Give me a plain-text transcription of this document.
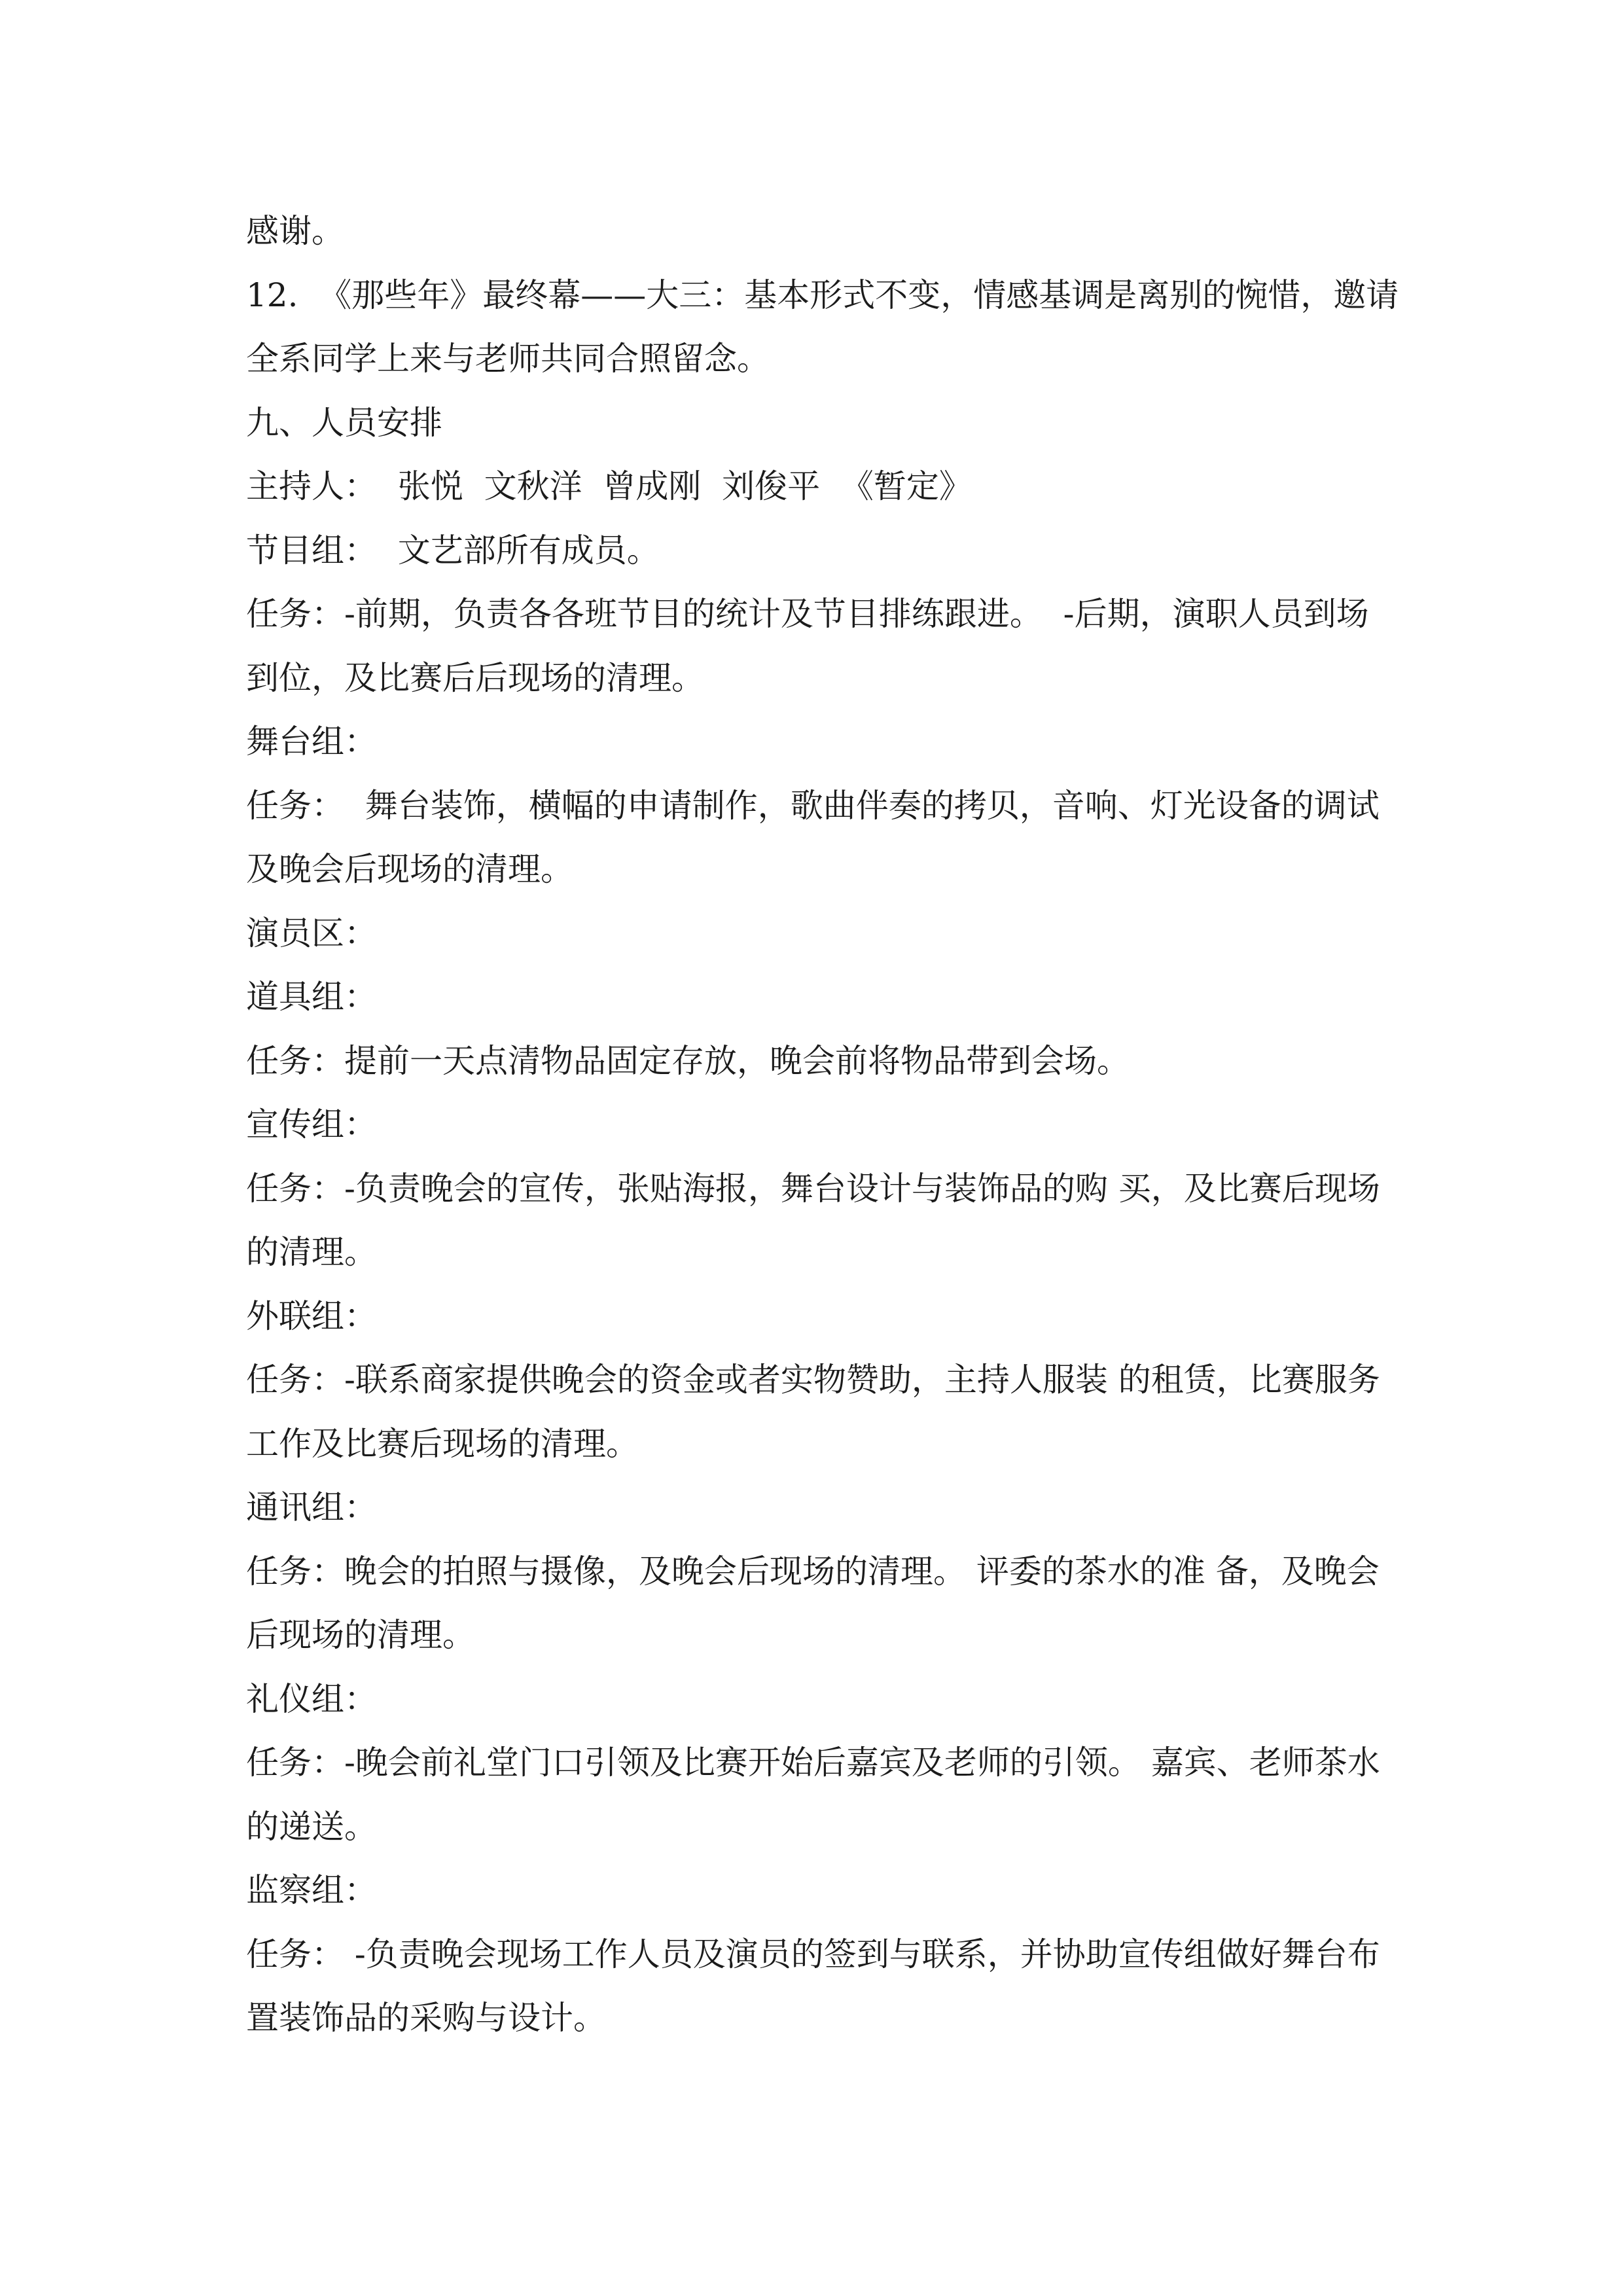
感谢。
12.  《那些年》最终幕——大三：基本形式不变，情感基调是离别的惋惜，邀请
全系同学上来与老师共同合照留念。
九、人员安排
主持人：  张悦  文秋洋  曾成刚  刘俊平  《暂定》
节目组：  文艺部所有成员。
任务：-前期，负责各各班节目的统计及节目排练跟进。  -后期，演职人员到场
到位，及比赛后后现场的清理。
舞台组：
任务：  舞台装饰，横幅的申请制作，歌曲伴奏的拷贝，音响、灯光设备的调试
及晚会后现场的清理。
演员区：
道具组：
任务：提前一天点清物品固定存放，晚会前将物品带到会场。
宣传组：
任务：-负责晚会的宣传，张贴海报，舞台设计与装饰品的购 买，及比赛后现场
的清理。
外联组：
任务：-联系商家提供晚会的资金或者实物赞助，主持人服装 的租赁，比赛服务
工作及比赛后现场的清理。
通讯组：
任务：晚会的拍照与摄像，及晚会后现场的清理。 评委的茶水的准 备，及晚会
后现场的清理。
礼仪组：
任务：-晚会前礼堂门口引领及比赛开始后嘉宾及老师的引领。 嘉宾、老师茶水
的递送。
监察组：
任务： -负责晚会现场工作人员及演员的签到与联系，并协助宣传组做好舞台布
置装饰品的采购与设计。
